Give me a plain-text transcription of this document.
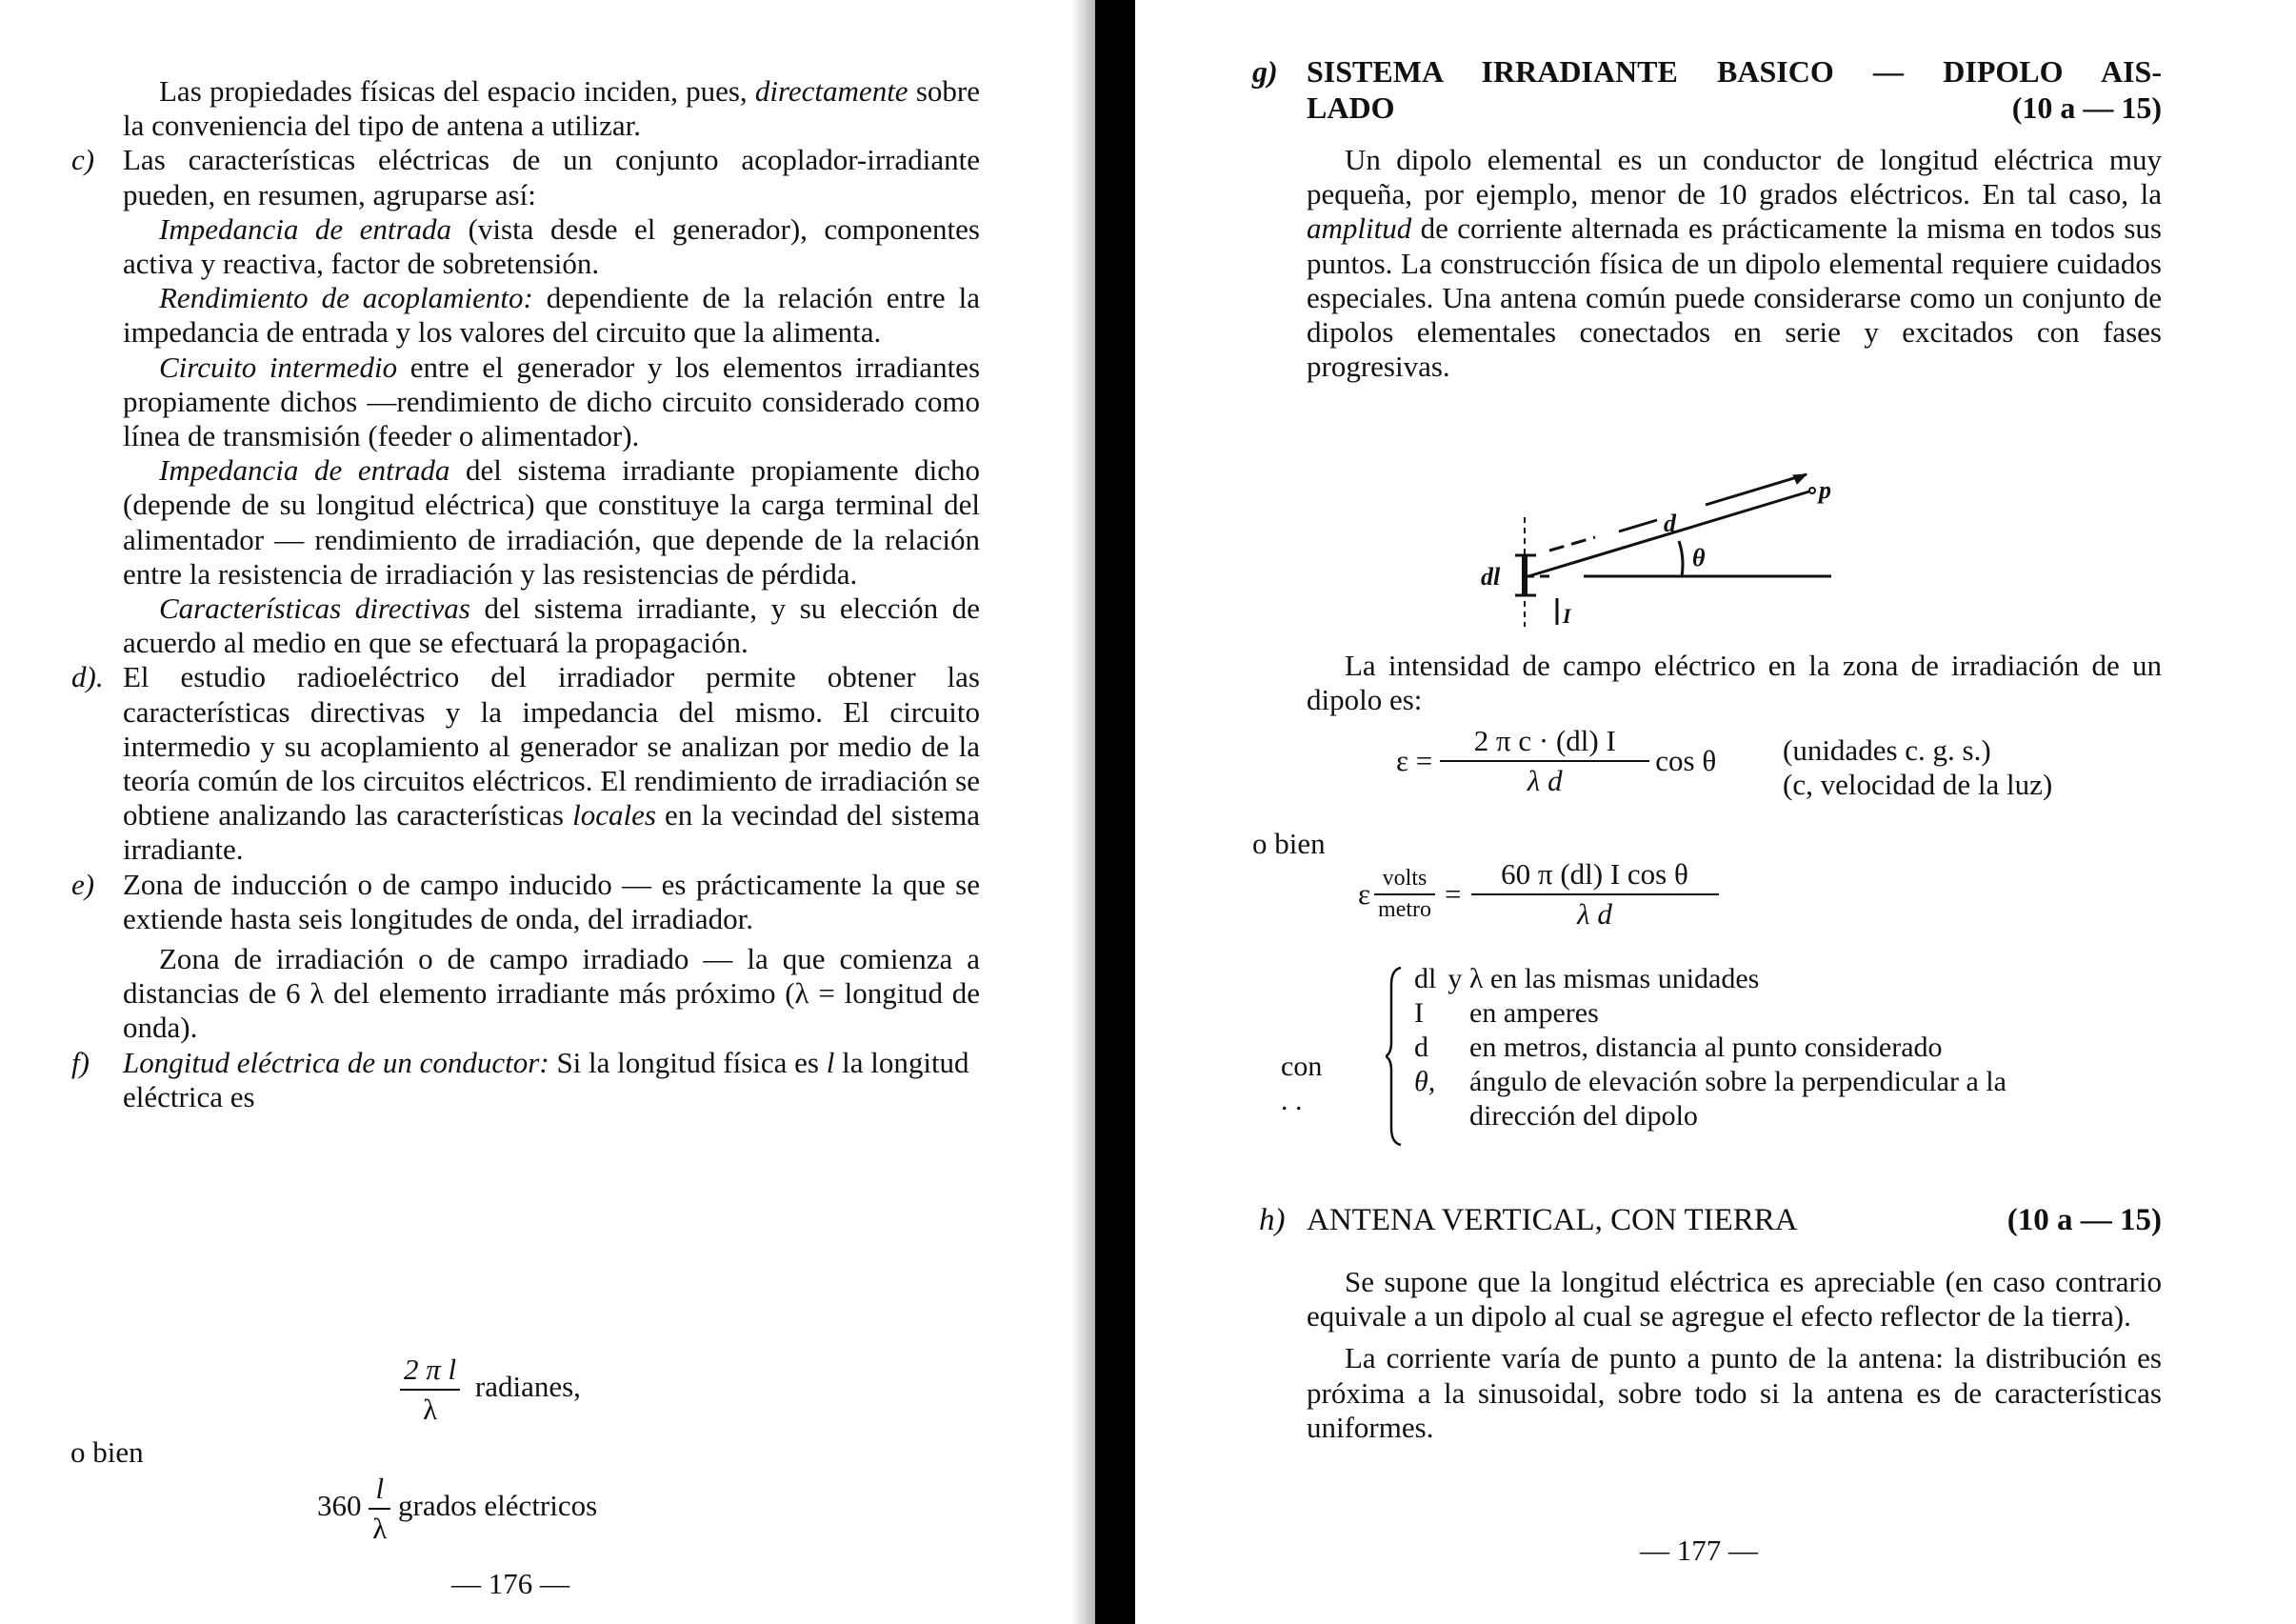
Las propiedades físicas del espacio inciden, pues, directamente sobre la conveniencia del tipo de antena a utilizar.

c) Las características eléctricas de un conjunto acoplador-irradiante pueden, en resumen, agruparse así:

Impedancia de entrada (vista desde el generador), componentes activa y reactiva, factor de sobretensión.

Rendimiento de acoplamiento: dependiente de la relación entre la impedancia de entrada y los valores del circuito que la alimenta.

Circuito intermedio entre el generador y los elementos irradiantes propiamente dichos —rendimiento de dicho circuito considerado como línea de transmisión (feeder o alimentador).

Impedancia de entrada del sistema irradiante propiamente dicho (depende de su longitud eléctrica) que constituye la carga terminal del alimentador — rendimiento de irradiación, que depende de la relación entre la resistencia de irradiación y las resistencias de pérdida.

Características directivas del sistema irradiante, y su elección de acuerdo al medio en que se efectuará la propagación.

d). El estudio radioeléctrico del irradiador permite obtener las características directivas y la impedancia del mismo. El circuito intermedio y su acoplamiento al generador se analizan por medio de la teoría común de los circuitos eléctricos. El rendimiento de irradiación se obtiene analizando las características locales en la vecindad del sistema irradiante.

e) Zona de inducción o de campo inducido — es prácticamente la que se extiende hasta seis longitudes de onda, del irradiador.

Zona de irradiación o de campo irradiado — la que comienza a distancias de 6 λ del elemento irradiante más próximo (λ = longitud de onda).

f) Longitud eléctrica de un conductor: Si la longitud física es l la longitud eléctrica es

$\frac{\text{2 π l}}{\lambda}$ radianes,
o bien
$360 \frac{l}{\lambda}$ grados eléctricos
— 176 —
g) SISTEMA IRRADIANTE BASICO — DIPOLO AIS-
LADO	(10 a — 15)

Un dipolo elemental es un conductor de longitud eléctrica muy pequeña, por ejemplo, menor de 10 grados eléctricos. En tal caso, la amplitud de corriente alternada es prácticamente la misma en todos sus puntos. La construcción física de un dipolo elemental requiere cuidados especiales. Una antena común puede considerarse como un conjunto de dipolos elementales conectados en serie y excitados con fases progresivas.

dl
d
p
θ
I

La intensidad de campo eléctrico en la zona de irradiación de un dipolo es:

$\varepsilon = \frac{\text{2 π c · (dl) I}}{\text{λ d}}$ cos θ (unidades c. g. s.)
(c, velocidad de la luz)
o bien
ε $\frac{\text{volts}}{\text{metro}} = \frac{\text{60 π (dl) I cos θ}}{\text{λ d}}$
con . .
dl y λ en las mismas unidades
I	en amperes
d	en metros, distancia al punto considerado
θ,	ángulo de elevación sobre la perpendicular a la
dirección del dipolo
h) ANTENA VERTICAL, CON TIERRA	(10 a — 15)

Se supone que la longitud eléctrica es apreciable (en caso contrario equivale a un dipolo al cual se agregue el efecto reflector de la tierra).

La corriente varía de punto a punto de la antena: la distribución es próxima a la sinusoidal, sobre todo si la antena es de características uniformes.

— 177 —
